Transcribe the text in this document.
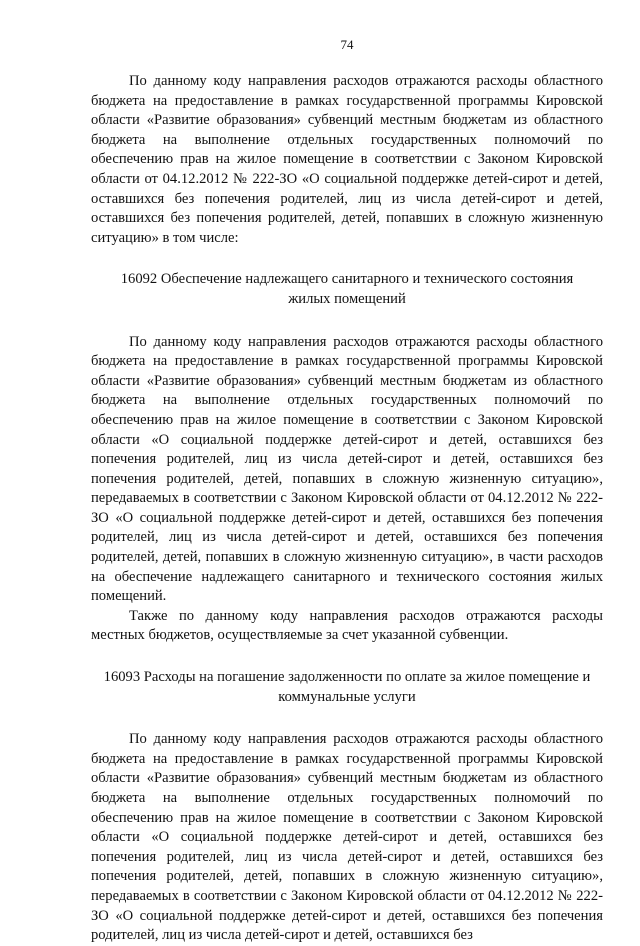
74

По данному коду направления расходов отражаются расходы областного бюджета на предоставление в рамках государственной программы Кировской области «Развитие образования» субвенций местным бюджетам из областного бюджета на выполнение отдельных государственных полномочий по обеспечению прав на жилое помещение в соответствии с Законом Кировской области от 04.12.2012 № 222-ЗО «О социальной поддержке детей-сирот и детей, оставшихся без попечения родителей, лиц из числа детей-сирот и детей, оставшихся без попечения родителей, детей, попавших в сложную жизненную ситуацию» в том числе:

16092 Обеспечение надлежащего санитарного и технического состояния жилых помещений

По данному коду направления расходов отражаются расходы областного бюджета на предоставление в рамках государственной программы Кировской области «Развитие образования» субвенций местным бюджетам из областного бюджета на выполнение отдельных государственных полномочий по обеспечению прав на жилое помещение в соответствии с Законом Кировской области «О социальной поддержке детей-сирот и детей, оставшихся без попечения родителей, лиц из числа детей-сирот и детей, оставшихся без попечения родителей, детей, попавших в сложную жизненную ситуацию», передаваемых в соответствии с Законом Кировской области от 04.12.2012 № 222-ЗО «О социальной поддержке детей-сирот и детей, оставшихся без попечения родителей, лиц из числа детей-сирот и детей, оставшихся без попечения родителей, детей, попавших в сложную жизненную ситуацию», в части расходов на обеспечение надлежащего санитарного и технического состояния жилых помещений.

Также по данному коду направления расходов отражаются расходы местных бюджетов, осуществляемые за счет указанной субвенции.

16093 Расходы на погашение задолженности по оплате за жилое помещение и коммунальные услуги

По данному коду направления расходов отражаются расходы областного бюджета на предоставление в рамках государственной программы Кировской области «Развитие образования» субвенций местным бюджетам из областного бюджета на выполнение отдельных государственных полномочий по обеспечению прав на жилое помещение в соответствии с Законом Кировской области «О социальной поддержке детей-сирот и детей, оставшихся без попечения родителей, лиц из числа детей-сирот и детей, оставшихся без попечения родителей, детей, попавших в сложную жизненную ситуацию», передаваемых в соответствии с Законом Кировской области от 04.12.2012 № 222-ЗО «О социальной поддержке детей-сирот и детей, оставшихся без попечения родителей, лиц из числа детей-сирот и детей, оставшихся без
